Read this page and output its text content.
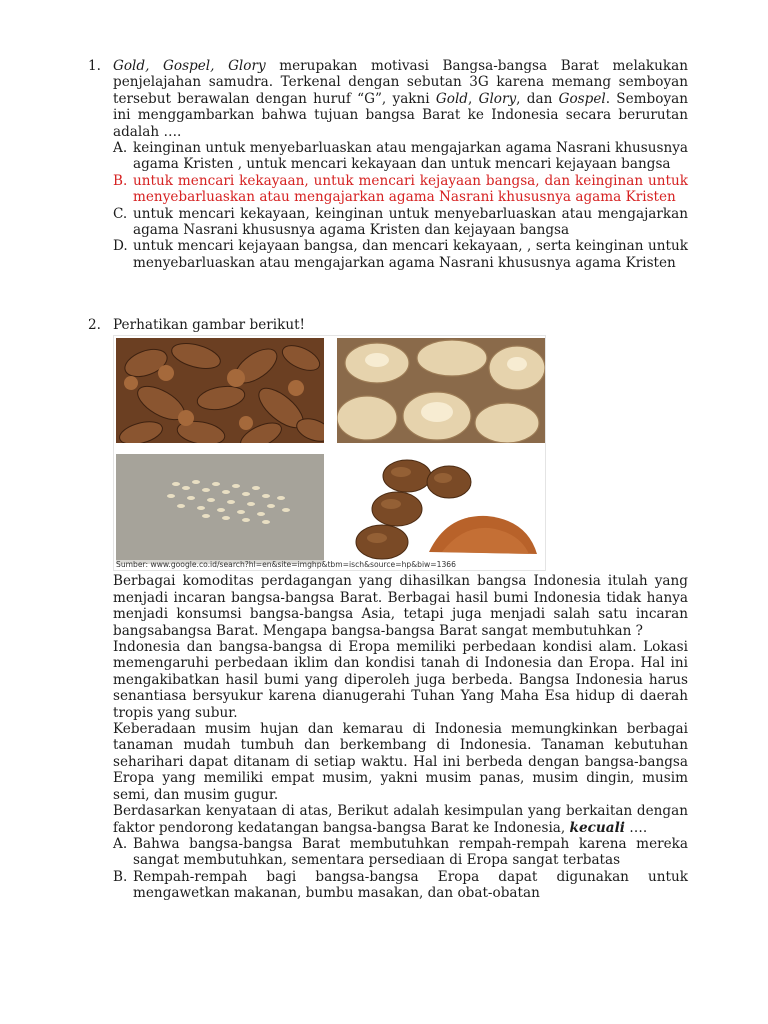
1. Gold, Gospel, Glory merupakan motivasi Bangsa-bangsa Barat melakukan penjelajahan samudra. Terkenal dengan sebutan 3G karena memang semboyan tersebut berawalan dengan huruf “G”, yakni Gold, Glory, dan Gospel. Semboyan ini menggambarkan bahwa tujuan bangsa Barat ke Indonesia secara berurutan adalah ….

A. keinginan untuk menyebarluaskan atau mengajarkan agama Nasrani khususnya agama Kristen , untuk mencari kekayaan dan untuk mencari kejayaan bangsa
B. untuk mencari kekayaan, untuk mencari kejayaan bangsa, dan keinginan untuk menyebarluaskan atau mengajarkan agama Nasrani khususnya agama Kristen
C. untuk mencari kekayaan, keinginan untuk menyebarluaskan atau mengajarkan agama Nasrani khususnya agama Kristen dan kejayaan bangsa
D. untuk mencari kejayaan bangsa, dan mencari kekayaan, , serta keinginan untuk menyebarluaskan atau mengajarkan agama Nasrani khususnya agama Kristen
2. Perhatikan gambar berikut!

Sumber: www.google.co.id/search?hl=en&site=imghp&tbm=isch&source=hp&biw=1366

Berbagai komoditas perdagangan yang dihasilkan bangsa Indonesia itulah yang menjadi incaran bangsa-bangsa Barat. Berbagai hasil bumi Indonesia tidak hanya menjadi konsumsi bangsa-bangsa Asia, tetapi juga menjadi salah satu incaran bangsabangsa Barat. Mengapa bangsa-bangsa Barat sangat membutuhkan ?

Indonesia dan bangsa-bangsa di Eropa memiliki perbedaan kondisi alam. Lokasi memengaruhi perbedaan iklim dan kondisi tanah di Indonesia dan Eropa. Hal ini mengakibatkan hasil bumi yang diperoleh juga berbeda. Bangsa Indonesia harus senantiasa bersyukur karena dianugerahi Tuhan Yang Maha Esa hidup di daerah tropis yang subur.

Keberadaan musim hujan dan kemarau di Indonesia memungkinkan berbagai tanaman mudah tumbuh dan berkembang di Indonesia. Tanaman kebutuhan seharihari dapat ditanam di setiap waktu. Hal ini berbeda dengan bangsa-bangsa Eropa yang memiliki empat musim, yakni musim panas, musim dingin, musim semi, dan musim gugur.

Berdasarkan kenyataan di atas, Berikut adalah kesimpulan yang berkaitan dengan faktor pendorong kedatangan bangsa-bangsa Barat ke Indonesia, kecuali ….

A. Bahwa bangsa-bangsa Barat membutuhkan rempah-rempah karena mereka sangat membutuhkan, sementara persediaan di Eropa sangat terbatas
B. Rempah-rempah bagi bangsa-bangsa Eropa dapat digunakan untuk mengawetkan makanan, bumbu masakan, dan obat-obatan
